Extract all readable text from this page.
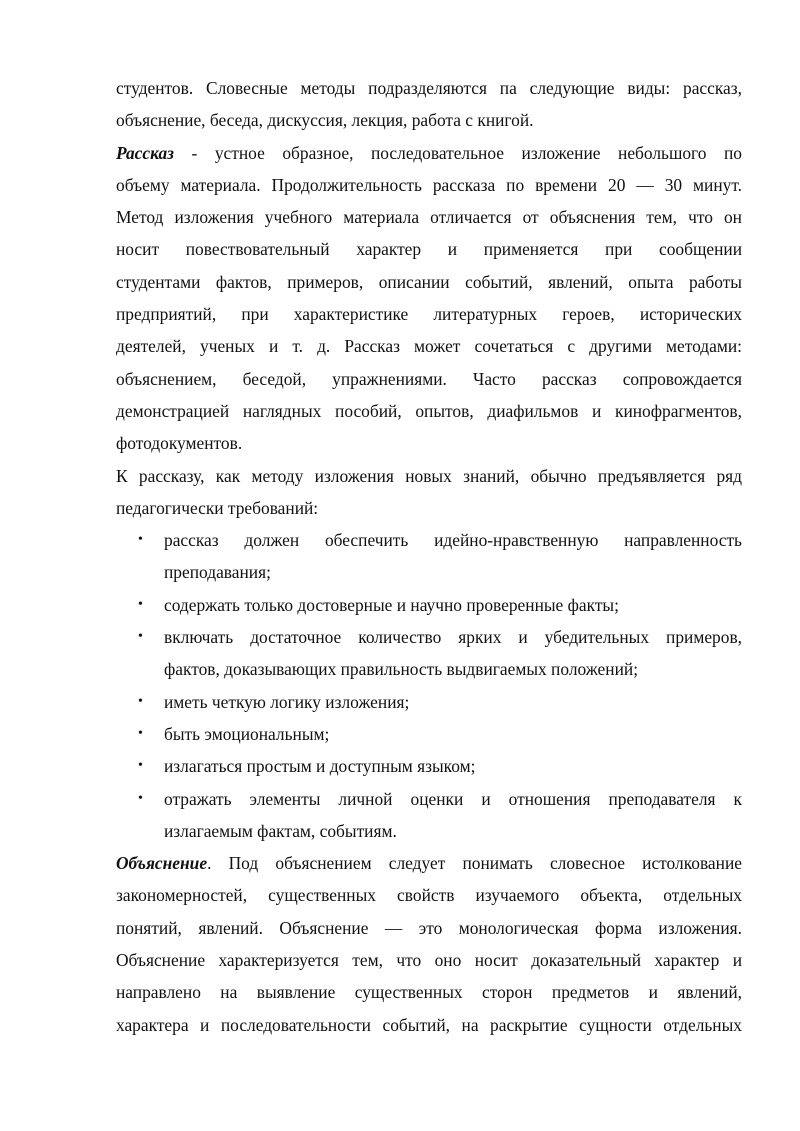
студентов. Словесные методы подразделяются па следующие виды: рассказ,
объяснение, беседа, дискуссия, лекция, работа с книгой.
Рассказ - устное образное, последовательное изложение небольшого по
объему материала. Продолжительность рассказа по времени 20 — 30 минут.
Метод изложения учебного материала отличается от объяснения тем, что он
носит повествовательный характер и применяется при сообщении
студентами фактов, примеров, описании событий, явлений, опыта работы
предприятий, при характеристике литературных героев, исторических
деятелей, ученых и т. д. Рассказ может сочетаться с другими методами:
объяснением, беседой, упражнениями. Часто рассказ сопровождается
демонстрацией наглядных пособий, опытов, диафильмов и кинофрагментов,
фотодокументов.
К рассказу, как методу изложения новых знаний, обычно предъявляется ряд
педагогически требований:
• рассказ должен обеспечить идейно-нравственную направленность
преподавания;
• содержать только достоверные и научно проверенные факты;
• включать достаточное количество ярких и убедительных примеров,
фактов, доказывающих правильность выдвигаемых положений;
• иметь четкую логику изложения;
• быть эмоциональным;
• излагаться простым и доступным языком;
• отражать элементы личной оценки и отношения преподавателя к
излагаемым фактам, событиям.
Объяснение. Под объяснением следует понимать словесное истолкование
закономерностей, существенных свойств изучаемого объекта, отдельных
понятий, явлений. Объяснение — это монологическая форма изложения.
Объяснение характеризуется тем, что оно носит доказательный характер и
направлено на выявление существенных сторон предметов и явлений,
характера и последовательности событий, на раскрытие сущности отдельных
